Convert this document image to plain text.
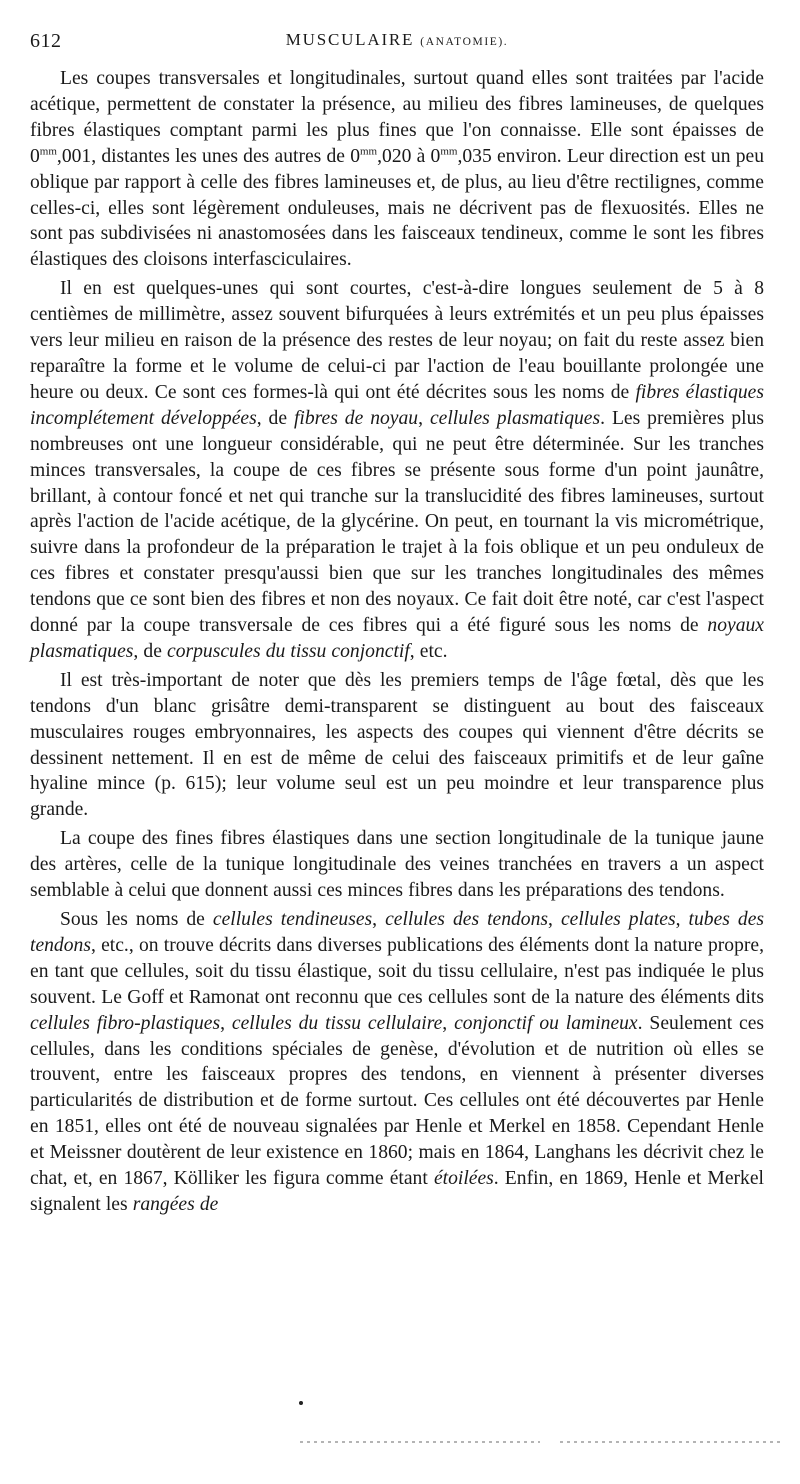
612	MUSCULAIRE (ANATOMIE).

Les coupes transversales et longitudinales, surtout quand elles sont traitées par l'acide acétique, permettent de constater la présence, au milieu des fibres lamineuses, de quelques fibres élastiques comptant parmi les plus fines que l'on connaisse. Elle sont épaisses de $0^{mm},001$, distantes les unes des autres de $0^{mm},020$ à $0^{mm},035$ environ. Leur direction est un peu oblique par rapport à celle des fibres lamineuses et, de plus, au lieu d'être rectilignes, comme celles-ci, elles sont légèrement onduleuses, mais ne décrivent pas de flexuosités. Elles ne sont pas subdivisées ni anastomosées dans les faisceaux tendineux, comme le sont les fibres élastiques des cloisons interfasciculaires.

Il en est quelques-unes qui sont courtes, c'est-à-dire longues seulement de 5 à 8 centièmes de millimètre, assez souvent bifurquées à leurs extrémités et un peu plus épaisses vers leur milieu en raison de la présence des restes de leur noyau; on fait du reste assez bien reparaître la forme et le volume de celui-ci par l'action de l'eau bouillante prolongée une heure ou deux. Ce sont ces formes-là qui ont été décrites sous les noms de fibres élastiques incomplétement développées, de fibres de noyau, cellules plasmatiques. Les premières plus nombreuses ont une longueur considérable, qui ne peut être déterminée. Sur les tranches minces transversales, la coupe de ces fibres se présente sous forme d'un point jaunâtre, brillant, à contour foncé et net qui tranche sur la translucidité des fibres lamineuses, surtout après l'action de l'acide acétique, de la glycérine. On peut, en tournant la vis micrométrique, suivre dans la profondeur de la préparation le trajet à la fois oblique et un peu onduleux de ces fibres et constater presqu'aussi bien que sur les tranches longitudinales des mêmes tendons que ce sont bien des fibres et non des noyaux. Ce fait doit être noté, car c'est l'aspect donné par la coupe transversale de ces fibres qui a été figuré sous les noms de noyaux plasmatiques, de corpuscules du tissu conjonctif, etc.

Il est très-important de noter que dès les premiers temps de l'âge fœtal, dès que les tendons d'un blanc grisâtre demi-transparent se distinguent au bout des faisceaux musculaires rouges embryonnaires, les aspects des coupes qui viennent d'être décrits se dessinent nettement. Il en est de même de celui des faisceaux primitifs et de leur gaîne hyaline mince (p. 615); leur volume seul est un peu moindre et leur transparence plus grande.

La coupe des fines fibres élastiques dans une section longitudinale de la tunique jaune des artères, celle de la tunique longitudinale des veines tranchées en travers a un aspect semblable à celui que donnent aussi ces minces fibres dans les préparations des tendons.

Sous les noms de cellules tendineuses, cellules des tendons, cellules plates, tubes des tendons, etc., on trouve décrits dans diverses publications des éléments dont la nature propre, en tant que cellules, soit du tissu élastique, soit du tissu cellulaire, n'est pas indiquée le plus souvent. Le Goff et Ramonat ont reconnu que ces cellules sont de la nature des éléments dits cellules fibro-plastiques, cellules du tissu cellulaire, conjonctif ou lamineux. Seulement ces cellules, dans les conditions spéciales de genèse, d'évolution et de nutrition où elles se trouvent, entre les faisceaux propres des tendons, en viennent à présenter diverses particularités de distribution et de forme surtout. Ces cellules ont été découvertes par Henle en 1851, elles ont été de nouveau signalées par Henle et Merkel en 1858. Cependant Henle et Meissner doutèrent de leur existence en 1860; mais en 1864, Langhans les décrivit chez le chat, et, en 1867, Kölliker les figura comme étant étoilées. Enfin, en 1869, Henle et Merkel signalent les rangées de
